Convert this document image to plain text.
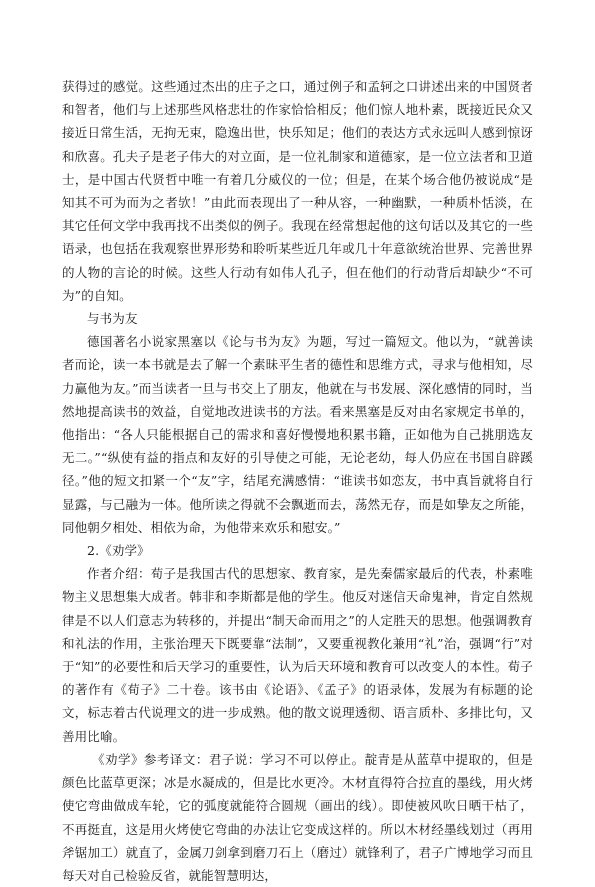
获得过的感觉。这些通过杰出的庄子之口，通过例子和孟轲之口讲述出来的中国贤者和智者，他们与上述那些风格悲壮的作家恰恰相反；他们惊人地朴素，既接近民众又接近日常生活，无拘无束，隐逸出世，快乐知足；他们的表达方式永远叫人感到惊讶和欣喜。孔夫子是老子伟大的对立面，是一位礼制家和道德家，是一位立法者和卫道士，是中国古代贤哲中唯一有着几分威仪的一位；但是，在某个场合他仍被说成“是知其不可为而为之者欤！”由此而表现出了一种从容，一种幽默，一种质朴恬淡，在其它任何文学中我再找不出类似的例子。我现在经常想起他的这句话以及其它的一些语录，也包括在我观察世界形势和聆听某些近几年或几十年意欲统治世界、完善世界的人物的言论的时候。这些人行动有如伟人孔子，但在他们的行动背后却缺少“不可为”的自知。

与书为友

德国著名小说家黑塞以《论与书为友》为题，写过一篇短文。他以为，“就善读者而论，读一本书就是去了解一个素昧平生者的德性和思维方式，寻求与他相知，尽力赢他为友。”而当读者一旦与书交上了朋友，他就在与书发展、深化感情的同时，当然地提高读书的效益，自觉地改进读书的方法。看来黑塞是反对由名家规定书单的，他指出：“各人只能根据自己的需求和喜好慢慢地积累书籍，正如他为自己挑朋选友无二。”“纵使有益的指点和友好的引导使之可能，无论老幼，每人仍应在书国自辟蹊径。”他的短文扣紧一个“友”字，结尾充满感情：“谁读书如恋友，书中真旨就将自行显露，与己融为一体。他所读之得就不会飘逝而去，荡然无存，而是如挚友之所能，同他朝夕相处、相依为命，为他带来欢乐和慰安。”

2.《劝学》

作者介绍：荀子是我国古代的思想家、教育家，是先秦儒家最后的代表，朴素唯物主义思想集大成者。韩非和李斯都是他的学生。他反对迷信天命鬼神，肯定自然规律是不以人们意志为转移的，并提出“制天命而用之”的人定胜天的思想。他强调教育和礼法的作用，主张治理天下既要靠“法制”，又要重视教化兼用“礼”治，强调“行”对于“知”的必要性和后天学习的重要性，认为后天环境和教育可以改变人的本性。荀子的著作有《荀子》二十卷。该书由《论语》、《孟子》的语录体，发展为有标题的论文，标志着古代说理文的进一步成熟。他的散文说理透彻、语言质朴、多排比句，又善用比喻。

《劝学》参考译文：君子说：学习不可以停止。靛青是从蓝草中提取的，但是颜色比蓝草更深；冰是水凝成的，但是比水更冷。木材直得符合拉直的墨线，用火烤使它弯曲做成车轮，它的弧度就能符合圆规（画出的线）。即使被风吹日晒干枯了，不再挺直，这是用火烤使它弯曲的办法让它变成这样的。所以木材经墨线划过（再用斧锯加工）就直了，金属刀剑拿到磨刀石上（磨过）就锋利了，君子广博地学习而且每天对自己检验反省，就能智慧明达，
